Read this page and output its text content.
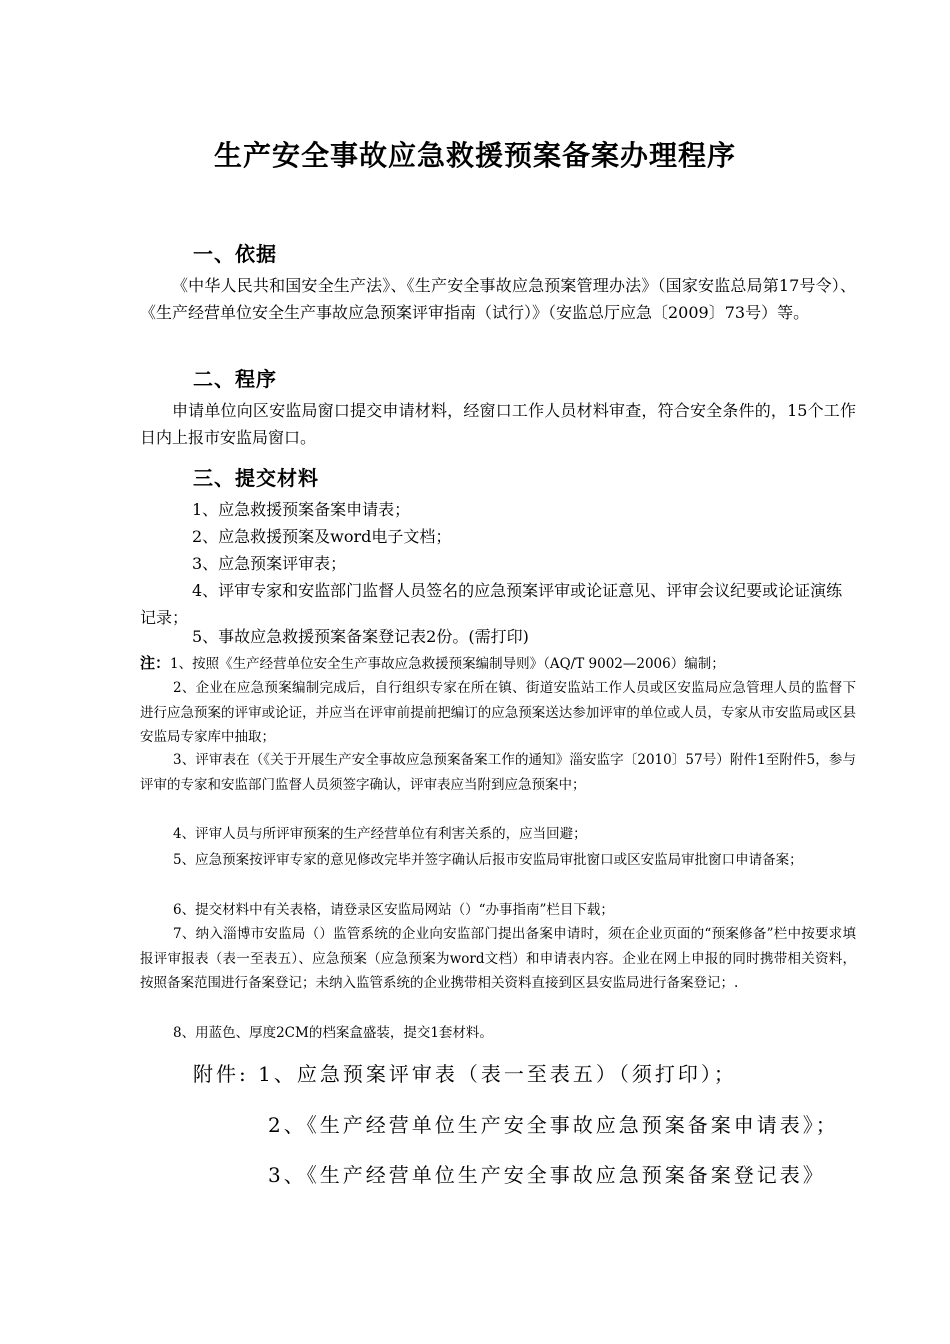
生产安全事故应急救援预案备案办理程序
一、依据
《中华人民共和国安全生产法》、《生产安全事故应急预案管理办法》（国家安监总局第17号令）、《生产经营单位安全生产事故应急预案评审指南（试行）》（安监总厅应急〔2009〕73号）等。
二、程序
申请单位向区安监局窗口提交申请材料，经窗口工作人员材料审查，符合安全条件的，15个工作日内上报市安监局窗口。
三、提交材料
1、应急救援预案备案申请表；
2、应急救援预案及word电子文档；
3、应急预案评审表；
4、评审专家和安监部门监督人员签名的应急预案评审或论证意见、评审会议纪要或论证演练记录；
5、事故应急救援预案备案登记表2份。(需打印)
注：1、按照《生产经营单位安全生产事故应急救援预案编制导则》（AQ/T 9002—2006）编制；
2、企业在应急预案编制完成后，自行组织专家在所在镇、街道安监站工作人员或区安监局应急管理人员的监督下进行应急预案的评审或论证，并应当在评审前提前把编订的应急预案送达参加评审的单位或人员，专家从市安监局或区县安监局专家库中抽取；
3、评审表在（《关于开展生产安全事故应急预案备案工作的通知》淄安监字〔2010〕57号）附件1至附件5，参与评审的专家和安监部门监督人员须签字确认，评审表应当附到应急预案中；
4、评审人员与所评审预案的生产经营单位有利害关系的，应当回避；
5、应急预案按评审专家的意见修改完毕并签字确认后报市安监局审批窗口或区安监局审批窗口申请备案；
6、提交材料中有关表格，请登录区安监局网站（）“办事指南”栏目下载；
7、纳入淄博市安监局（）监管系统的企业向安监部门提出备案申请时，须在企业页面的“预案修备”栏中按要求填报评审报表（表一至表五）、应急预案（应急预案为word文档）和申请表内容。企业在网上申报的同时携带相关资料，按照备案范围进行备案登记；未纳入监管系统的企业携带相关资料直接到区县安监局进行备案登记；.
8、用蓝色、厚度2CM的档案盒盛装，提交1套材料。
附件: 1、应急预案评审表（表一至表五）（须打印）；
2、《生产经营单位生产安全事故应急预案备案申请表》；
3、《生产经营单位生产安全事故应急预案备案登记表》
